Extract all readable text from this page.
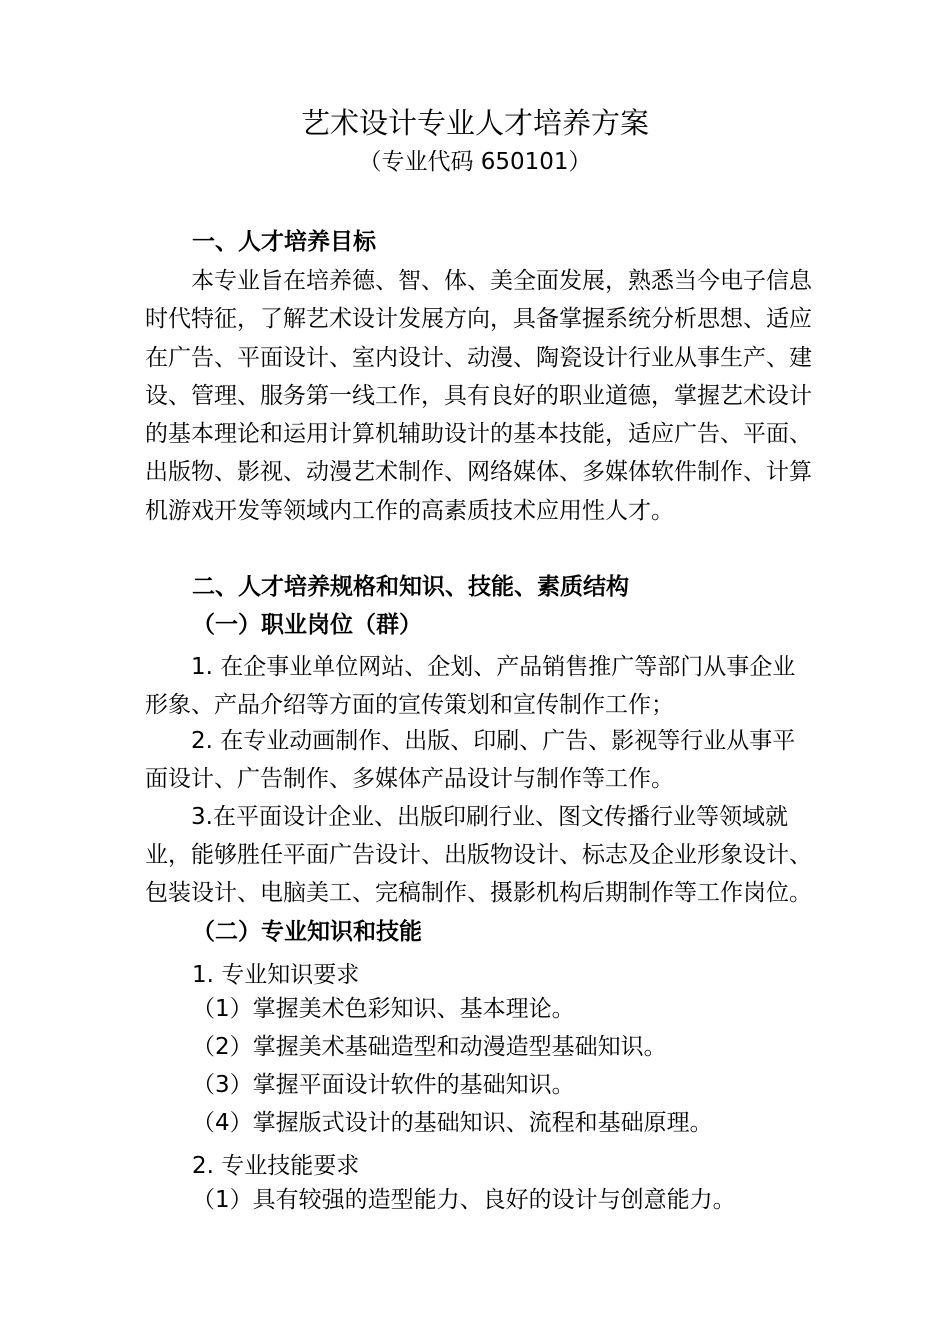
艺术设计专业人才培养方案
（专业代码 650101）
一、人才培养目标
本专业旨在培养德、智、体、美全面发展，熟悉当今电子信息时代特征，了解艺术设计发展方向，具备掌握系统分析思想、适应在广告、平面设计、室内设计、动漫、陶瓷设计行业从事生产、建设、管理、服务第一线工作，具有良好的职业道德，掌握艺术设计的基本理论和运用计算机辅助设计的基本技能，适应广告、平面、出版物、影视、动漫艺术制作、网络媒体、多媒体软件制作、计算机游戏开发等领域内工作的高素质技术应用性人才。
二、人才培养规格和知识、技能、素质结构
（一）职业岗位（群）
1. 在企事业单位网站、企划、产品销售推广等部门从事企业形象、产品介绍等方面的宣传策划和宣传制作工作；
2. 在专业动画制作、出版、印刷、广告、影视等行业从事平面设计、广告制作、多媒体产品设计与制作等工作。
3.在平面设计企业、出版印刷行业、图文传播行业等领域就业，能够胜任平面广告设计、出版物设计、标志及企业形象设计、包装设计、电脑美工、完稿制作、摄影机构后期制作等工作岗位。
（二）专业知识和技能
1. 专业知识要求
（1）掌握美术色彩知识、基本理论。
（2）掌握美术基础造型和动漫造型基础知识。
（3）掌握平面设计软件的基础知识。
（4）掌握版式设计的基础知识、流程和基础原理。
2. 专业技能要求
（1）具有较强的造型能力、良好的设计与创意能力。
